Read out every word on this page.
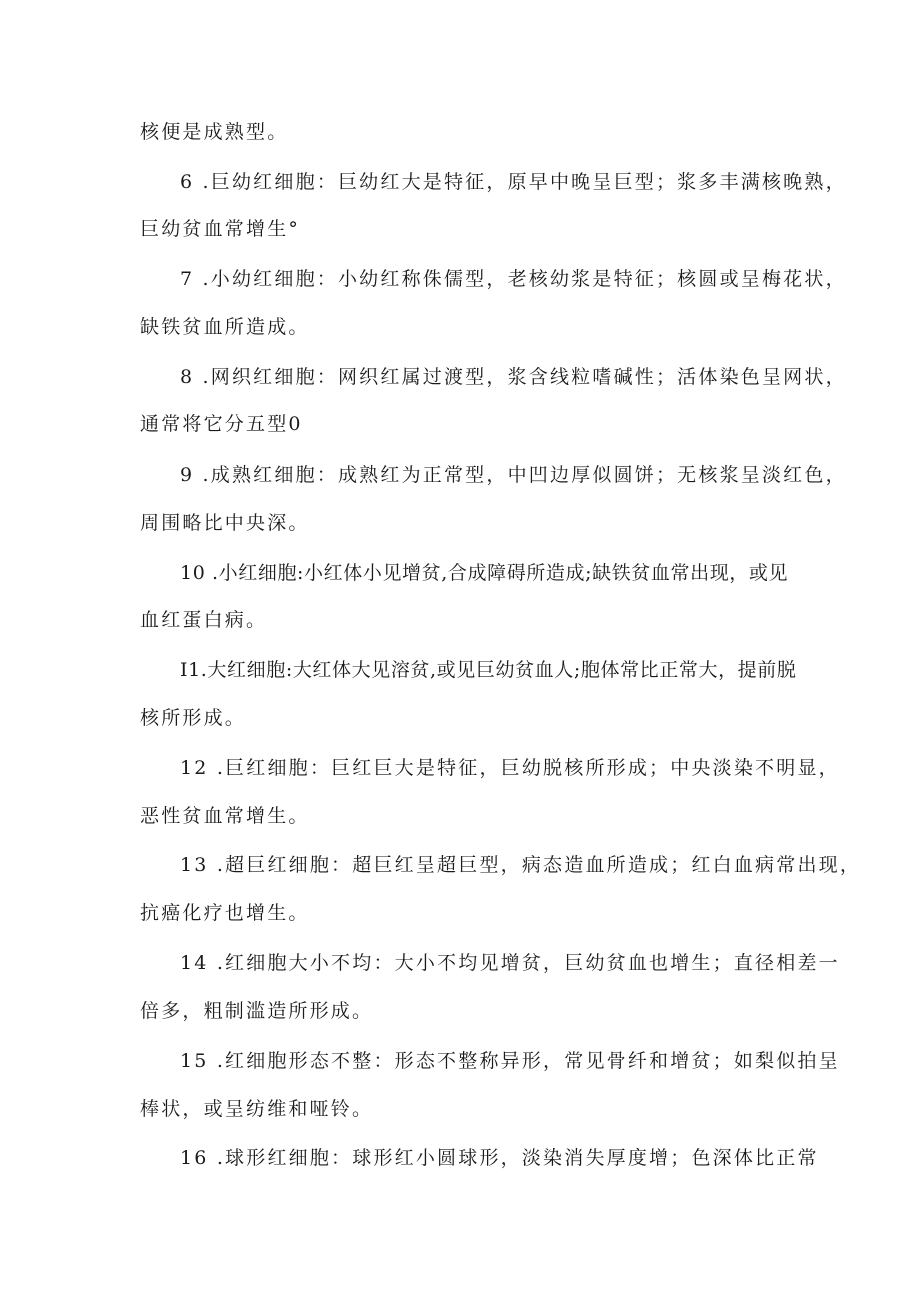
核便是成熟型。
6 .巨幼红细胞：巨幼红大是特征，原早中晚呈巨型；浆多丰满核晚熟，
巨幼贫血常增生°
7 .小幼红细胞：小幼红称侏儒型，老核幼浆是特征；核圆或呈梅花状，
缺铁贫血所造成。
8 .网织红细胞：网织红属过渡型，浆含线粒嗜碱性；活体染色呈网状，
通常将它分五型0
9 .成熟红细胞：成熟红为正常型，中凹边厚似圆饼；无核浆呈淡红色，
周围略比中央深。
10 .小红细胞:小红体小见增贫,合成障碍所造成;缺铁贫血常出现，或见
血红蛋白病。
I1.大红细胞:大红体大见溶贫,或见巨幼贫血人;胞体常比正常大，提前脱
核所形成。
12 .巨红细胞：巨红巨大是特征，巨幼脱核所形成；中央淡染不明显，
恶性贫血常增生。
13 .超巨红细胞：超巨红呈超巨型，病态造血所造成；红白血病常出现，
抗癌化疗也增生。
14 .红细胞大小不均：大小不均见增贫，巨幼贫血也增生；直径相差一
倍多，粗制滥造所形成。
15 .红细胞形态不整：形态不整称异形，常见骨纤和增贫；如梨似拍呈
棒状，或呈纺维和哑铃。
16 .球形红细胞：球形红小圆球形，淡染消失厚度增；色深体比正常
